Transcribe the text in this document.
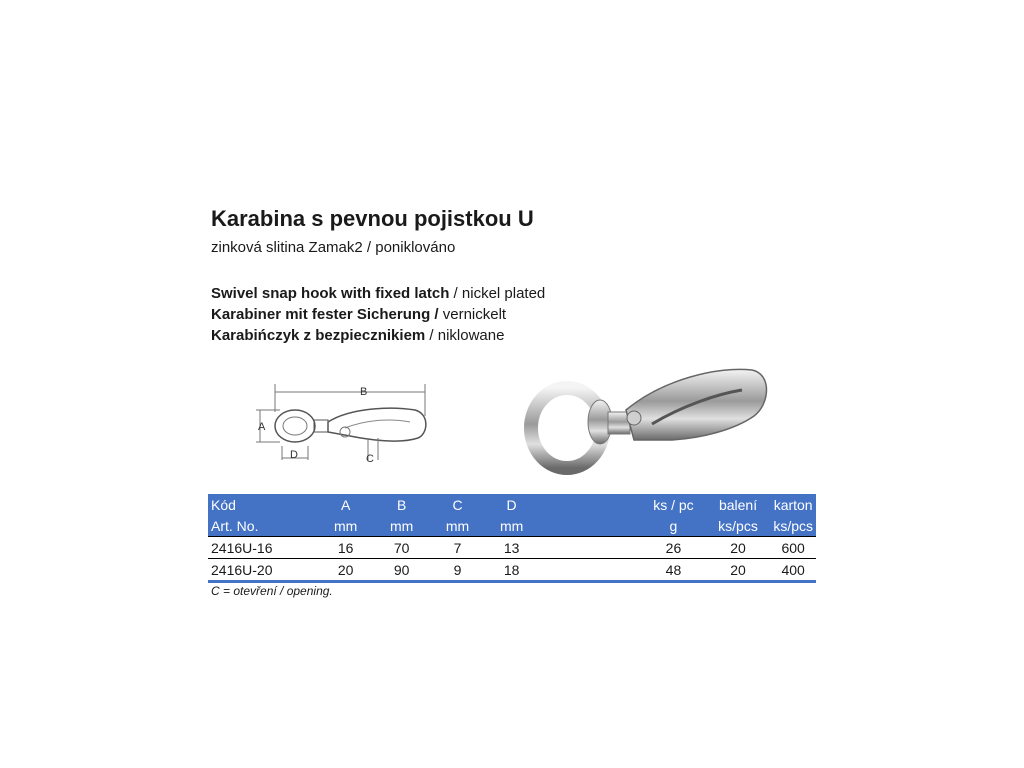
Karabina s pevnou pojistkou U
zinková slitina Zamak2 / poniklováno
Swivel snap hook with fixed latch / nickel plated
Karabiner mit fester Sicherung / vernickelt
Karabińczyk z bezpiecznikiem / niklowane
B
A
D	C
Kód	A	B	C	D		ks / pc	balení	karton
Art. No.	mm	mm	mm	mm		g	ks/pcs	ks/pcs
2416U-16	16	70	7	13		26	20	600
2416U-20	20	90	9	18		48	20	400
C = otevření / opening.
